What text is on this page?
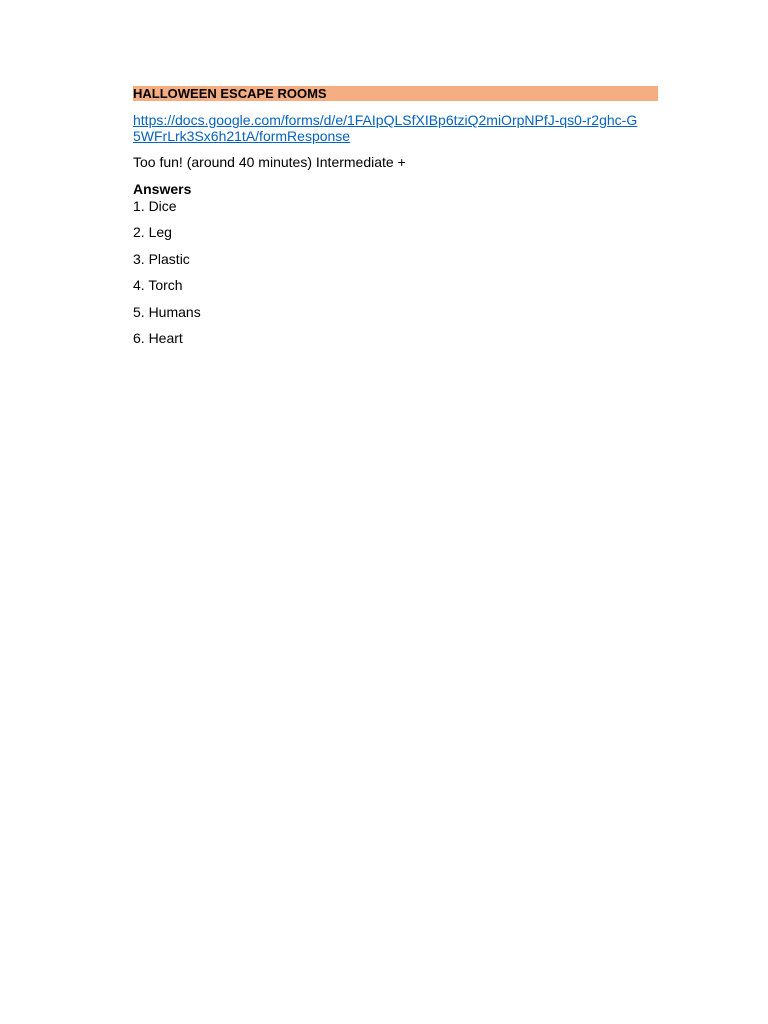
HALLOWEEN ESCAPE ROOMS
https://docs.google.com/forms/d/e/1FAIpQLSfXIBp6tziQ2miOrpNPfJ-qs0-r2ghc-G5WFrLrk3Sx6h21tA/formResponse
Too fun! (around 40 minutes) Intermediate +
Answers
1. Dice
2. Leg
3. Plastic
4. Torch
5. Humans
6. Heart
